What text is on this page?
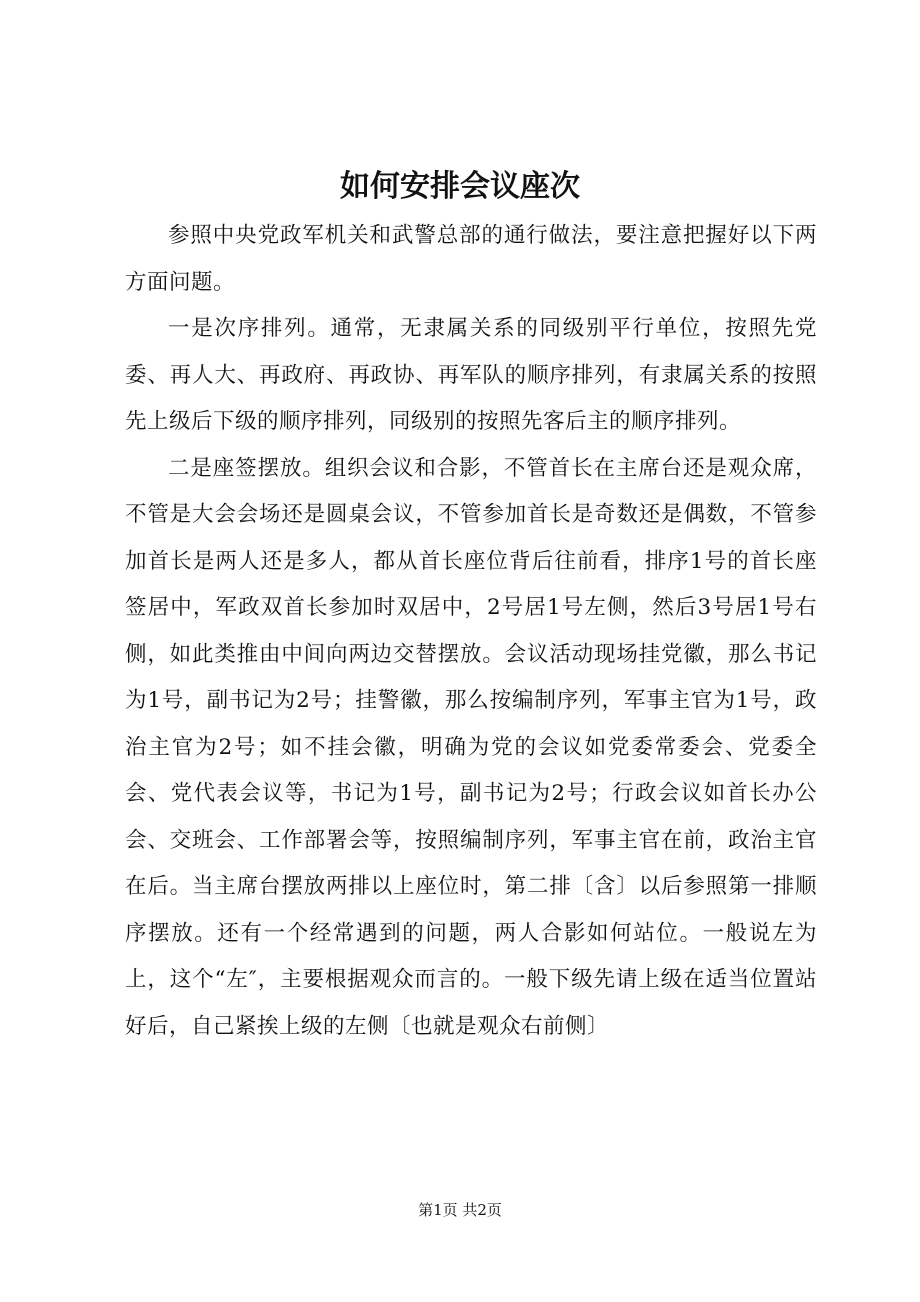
如何安排会议座次

参照中央党政军机关和武警总部的通行做法，要注意把握好以下两方面问题。

一是次序排列。通常，无隶属关系的同级别平行单位，按照先党委、再人大、再政府、再政协、再军队的顺序排列，有隶属关系的按照先上级后下级的顺序排列，同级别的按照先客后主的顺序排列。

二是座签摆放。组织会议和合影，不管首长在主席台还是观众席，不管是大会会场还是圆桌会议，不管参加首长是奇数还是偶数，不管参加首长是两人还是多人，都从首长座位背后往前看，排序1号的首长座签居中，军政双首长参加时双居中，2号居1号左侧，然后3号居1号右侧，如此类推由中间向两边交替摆放。会议活动现场挂党徽，那么书记为1号，副书记为2号；挂警徽，那么按编制序列，军事主官为1号，政治主官为2号；如不挂会徽，明确为党的会议如党委常委会、党委全会、党代表会议等，书记为1号，副书记为2号；行政会议如首长办公会、交班会、工作部署会等，按照编制序列，军事主官在前，政治主官在后。当主席台摆放两排以上座位时，第二排〔含〕以后参照第一排顺序摆放。还有一个经常遇到的问题，两人合影如何站位。一般说左为上，这个“左″，主要根据观众而言的。一般下级先请上级在适当位置站好后，自己紧挨上级的左侧〔也就是观众右前侧〕

第1页 共2页
